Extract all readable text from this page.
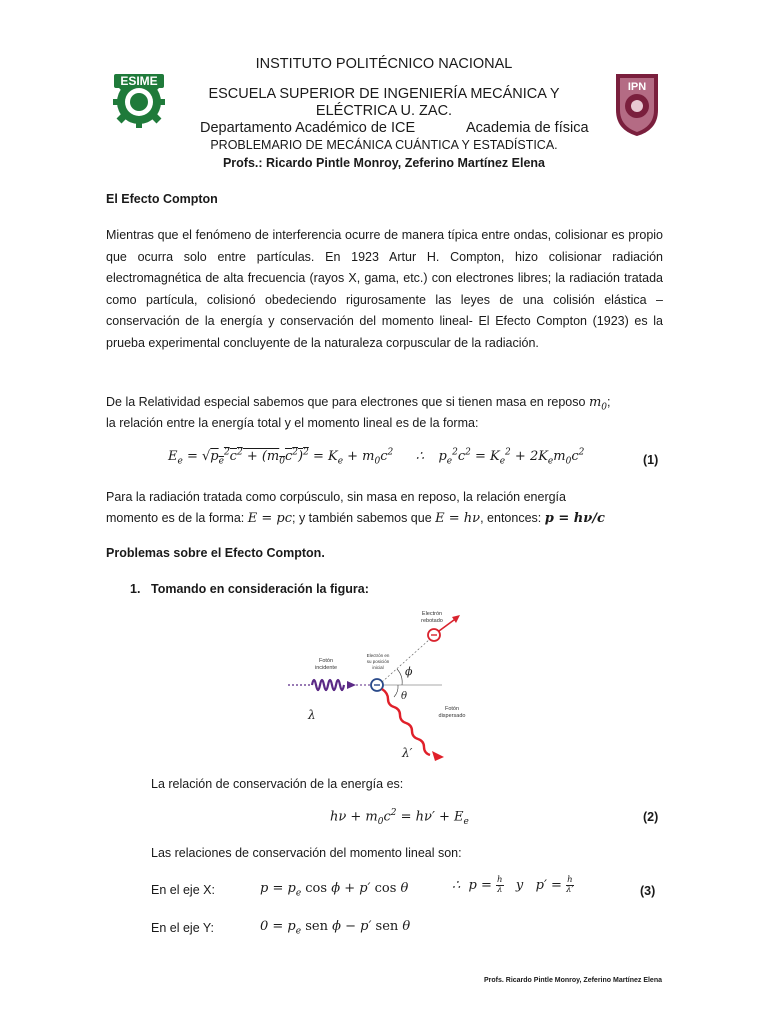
ESIME	IPN
INSTITUTO POLITÉCNICO NACIONAL
ESCUELA SUPERIOR DE INGENIERÍA MECÁNICA Y
ELÉCTRICA U. ZAC.
Departamento Académico de ICE	Academia de física
PROBLEMARIO DE MECÁNICA CUÁNTICA Y ESTADÍSTICA.
Profs.: Ricardo Pintle Monroy, Zeferino Martínez Elena
El Efecto Compton
Mientras que el fenómeno de interferencia ocurre de manera típica entre ondas, colisionar es propio que ocurra solo entre partículas. En 1923 Artur H. Compton, hizo colisionar radiación electromagnética de alta frecuencia (rayos X, gama, etc.) con electrones libres; la radiación tratada como partícula, colisionó obedeciendo rigurosamente las leyes de una colisión elástica –conservación de la energía y conservación del momento lineal- El Efecto Compton (1923) es la prueba experimental concluyente de la naturaleza corpuscular de la radiación.
De la Relatividad especial sabemos que para electrones que si tienen masa en reposo $m_0$;
la relación entre la energía total y el momento lineal es de la forma:
$E_e = √p_e^2c^2 + (m_0c^2)^2 = K_e + m_0c^2$ ∴ $p_e^2c^2 = K_e^2 + 2K_em_0c^2$
(1)
Para la radiación tratada como corpúsculo, sin masa en reposo, la relación energía
momento es de la forma: E = pc; y también sabemos que E = hν, entonces: p = hν/c
Problemas sobre el Efecto Compton.
1. Tomando en consideración la figura:
Electrón
rebotado
Electrón en
su posición
inicial
Fotón
incidente
Fotón
dispersado
λ
λ′
ϕ
θ
La relación de conservación de la energía es:
$h\nu + m_0c^2 = h\nu' + E_e$	(2)
Las relaciones de conservación del momento lineal son:
En el eje X:	$p = p_e$ cos ϕ + p′ cos θ	∴  $p = \frac{h}{\lambda}$ y   $p' = \frac{h}{\lambda'}$	(3)
En el eje Y:	$0 = p_e$ sen ϕ − p′ sen θ
Profs. Ricardo Pintle Monroy, Zeferino Martínez Elena
